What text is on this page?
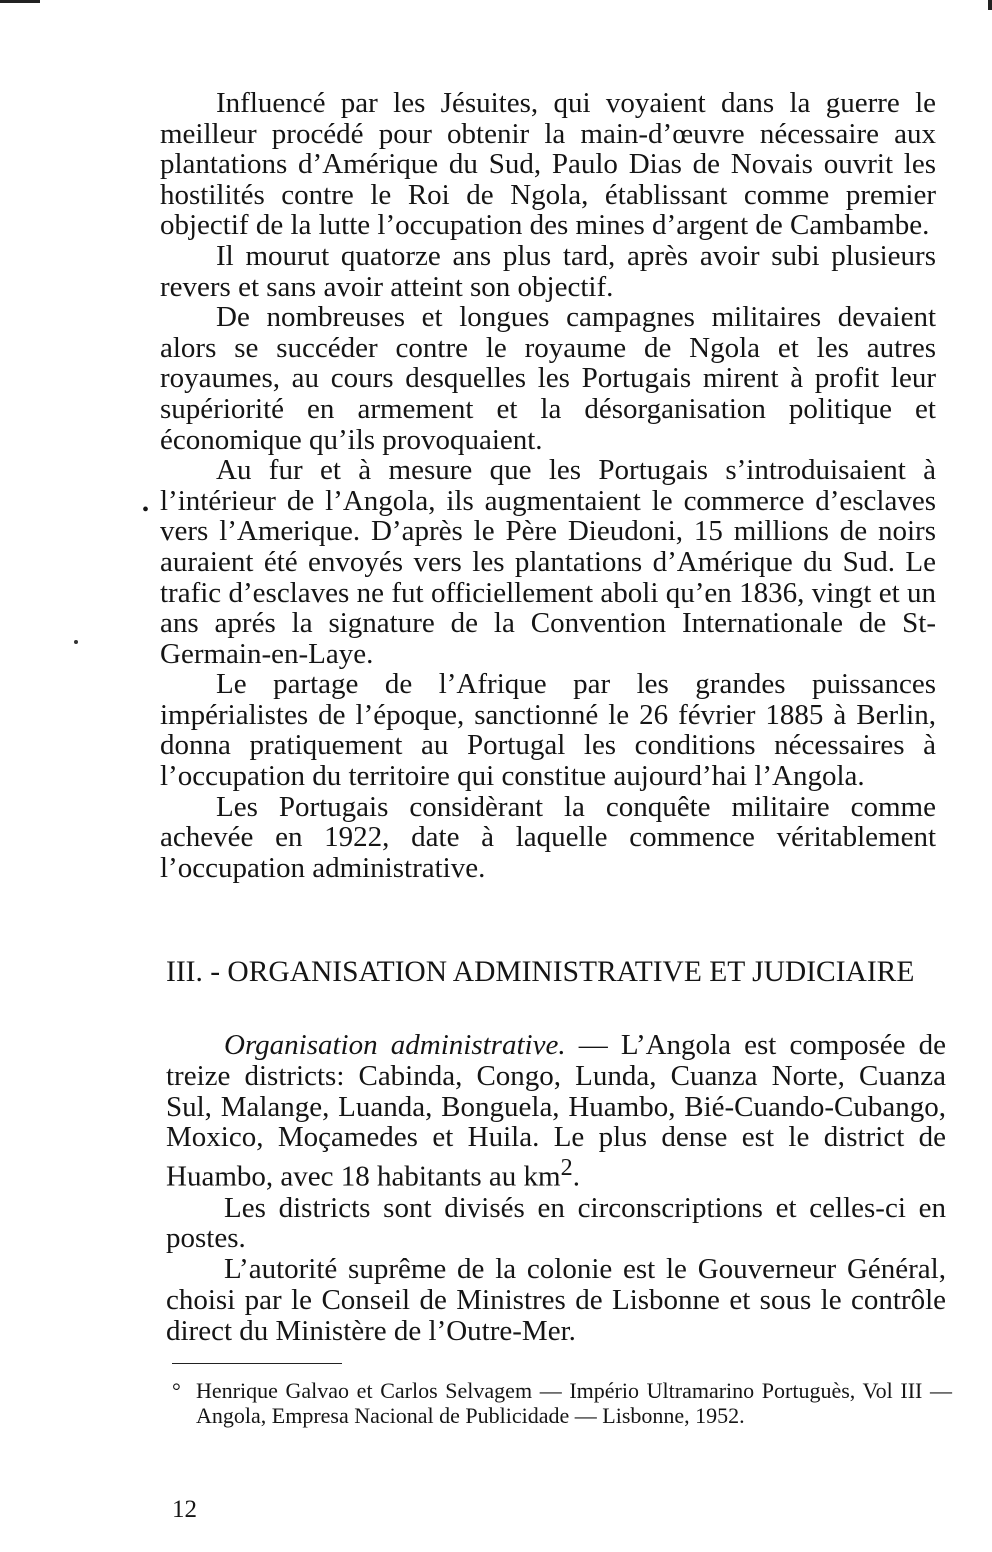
Influencé par les Jésuites, qui voyaient dans la guerre le meilleur procédé pour obtenir la main-d’œuvre nécessaire aux plantations d’Amérique du Sud, Paulo Dias de Novais ouvrit les hostilités contre le Roi de Ngola, établissant comme premier objectif de la lutte l’occupation des mines d’argent de Cambambe.

Il mourut quatorze ans plus tard, après avoir subi plusieurs revers et sans avoir atteint son objectif.

De nombreuses et longues campagnes militaires devaient alors se succéder contre le royaume de Ngola et les autres royaumes, au cours desquelles les Portugais mirent à profit leur supériorité en armement et la désorganisation politique et économique qu’ils provoquaient.

Au fur et à mesure que les Portugais s’introduisaient à l’intérieur de l’Angola, ils augmentaient le commerce d’esclaves vers l’Amerique. D’après le Père Dieudoni, 15 millions de noirs auraient été envoyés vers les plantations d’Amérique du Sud. Le trafic d’esclaves ne fut officiellement aboli qu’en 1836, vingt et un ans aprés la signature de la Convention Internationale de St-Germain-en-Laye.

Le partage de l’Afrique par les grandes puissances impérialistes de l’époque, sanctionné le 26 février 1885 à Berlin, donna pratiquement au Portugal les conditions nécessaires à l’occupation du territoire qui constitue aujourd’hai l’Angola.

Les Portugais considèrant la conquête militaire comme achevée en 1922, date à laquelle commence véritablement l’occupation administrative.

•
III. - ORGANISATION ADMINISTRATIVE ET JUDICIAIRE

Organisation administrative. — L’Angola est composée de treize districts: Cabinda, Congo, Lunda, Cuanza Norte, Cuanza Sul, Malange, Luanda, Bonguela, Huambo, Bié-Cuando-Cubango, Moxico, Moçamedes et Huila. Le plus dense est le district de Huambo, avec 18 habitants au $km^2$.

Les districts sont divisés en circonscriptions et celles-ci en postes.

L’autorité suprême de la colonie est le Gouverneur Général, choisi par le Conseil de Ministres de Lisbonne et sous le contrôle direct du Ministère de l’Outre-Mer.

° Henrique Galvao et Carlos Selvagem — Império Ultramarino Portuguès, Vol III — Angola, Empresa Nacional de Publicidade — Lisbonne, 1952.
12
